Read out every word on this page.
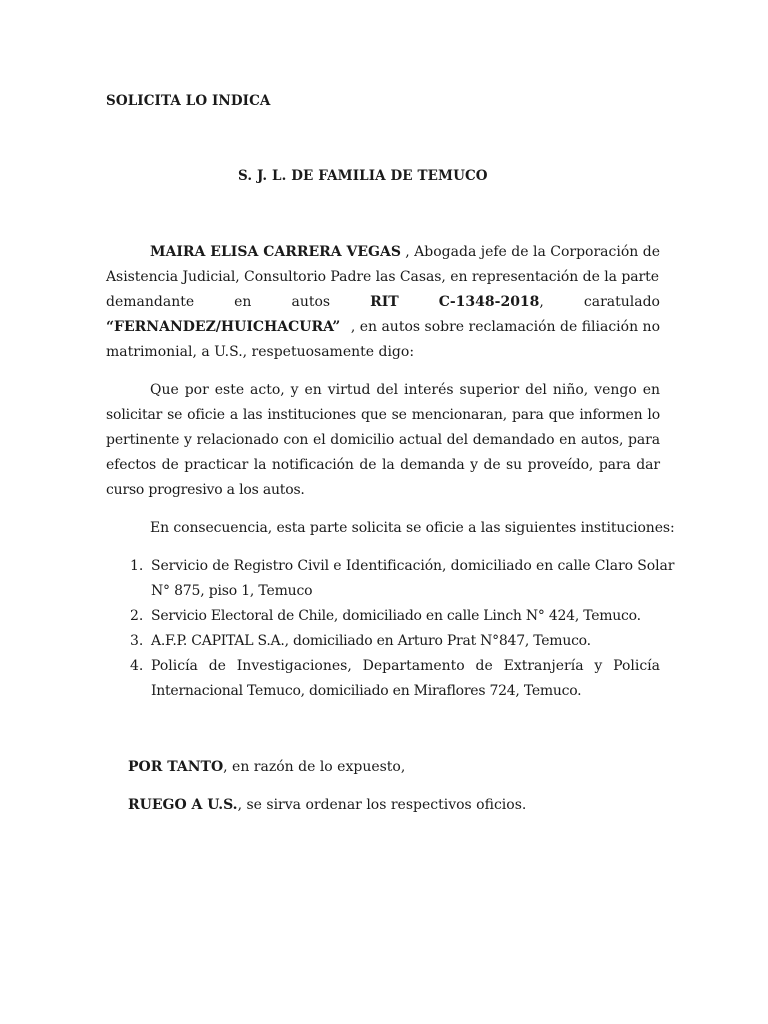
SOLICITA LO INDICA
S. J. L. DE FAMILIA DE TEMUCO
MAIRA ELISA CARRERA VEGAS , Abogada jefe de la Corporación de
Asistencia Judicial, Consultorio Padre las Casas, en representación de la parte
demandante	en	autos	RIT	C-1348-2018,	caratulado
“FERNANDEZ/HUICHACURA” , en autos sobre reclamación de filiación no
matrimonial, a U.S., respetuosamente digo:
Que por este acto, y en virtud del interés superior del niño, vengo en
solicitar se oficie a las instituciones que se mencionaran, para que informen lo
pertinente y relacionado con el domicilio actual del demandado en autos, para
efectos de practicar la notificación de la demanda y de su proveído, para dar
curso progresivo a los autos.
En consecuencia, esta parte solicita se oficie a las siguientes instituciones:
1. Servicio de Registro Civil e Identificación, domiciliado en calle Claro Solar
N° 875, piso 1, Temuco
2. Servicio Electoral de Chile, domiciliado en calle Linch N° 424, Temuco.
3. A.F.P. CAPITAL S.A., domiciliado en Arturo Prat N°847, Temuco.
4. Policía de Investigaciones, Departamento de Extranjería y Policía
Internacional Temuco, domiciliado en Miraflores 724, Temuco.
POR TANTO, en razón de lo expuesto,
RUEGO A U.S., se sirva ordenar los respectivos oficios.
